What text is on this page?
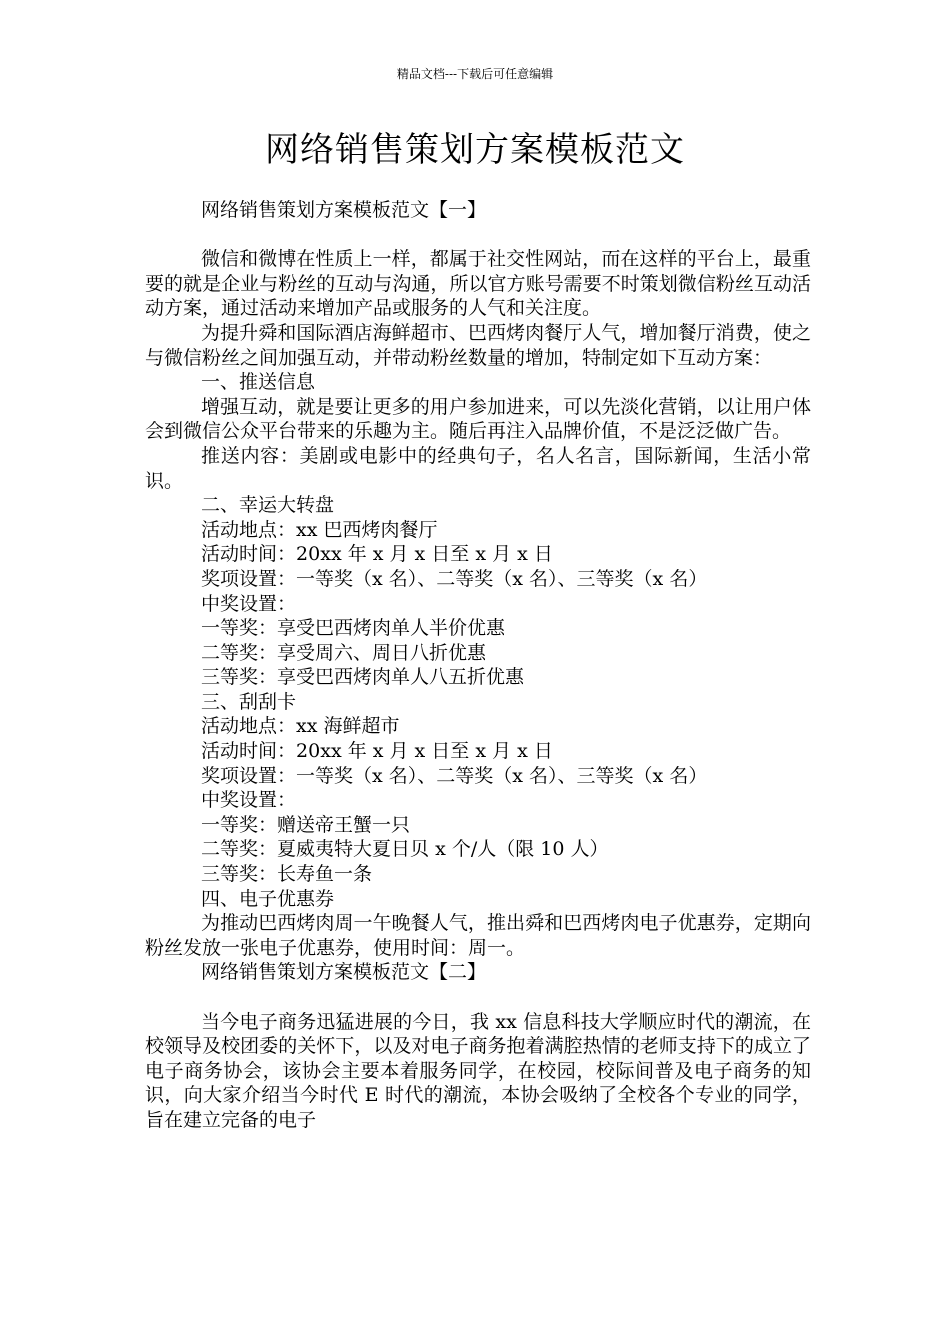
精品文档---下载后可任意编辑
网络销售策划方案模板范文

网络销售策划方案模板范文【一】

微信和微博在性质上一样，都属于社交性网站，而在这样的平台上，最重要的就是企业与粉丝的互动与沟通，所以官方账号需要不时策划微信粉丝互动活动方案，通过活动来增加产品或服务的人气和关注度。

为提升舜和国际酒店海鲜超市、巴西烤肉餐厅人气，增加餐厅消费，使之与微信粉丝之间加强互动，并带动粉丝数量的增加，特制定如下互动方案：

一、推送信息

增强互动，就是要让更多的用户参加进来，可以先淡化营销，以让用户体会到微信公众平台带来的乐趣为主。随后再注入品牌价值，不是泛泛做广告。

推送内容：美剧或电影中的经典句子，名人名言，国际新闻，生活小常识。

二、幸运大转盘

活动地点：xx 巴西烤肉餐厅

活动时间：20xx 年 x 月 x 日至 x 月 x 日

奖项设置：一等奖（x 名）、二等奖（x 名）、三等奖（x 名）

中奖设置：

一等奖：享受巴西烤肉单人半价优惠

二等奖：享受周六、周日八折优惠

三等奖：享受巴西烤肉单人八五折优惠

三、刮刮卡

活动地点：xx 海鲜超市

活动时间：20xx 年 x 月 x 日至 x 月 x 日

奖项设置：一等奖（x 名）、二等奖（x 名）、三等奖（x 名）

中奖设置：

一等奖：赠送帝王蟹一只

二等奖：夏威夷特大夏日贝 x 个/人（限 10 人）

三等奖：长寿鱼一条

四、电子优惠券

为推动巴西烤肉周一午晚餐人气，推出舜和巴西烤肉电子优惠券，定期向粉丝发放一张电子优惠券，使用时间：周一。

网络销售策划方案模板范文【二】

当今电子商务迅猛进展的今日，我 xx 信息科技大学顺应时代的潮流，在校领导及校团委的关怀下，以及对电子商务抱着满腔热情的老师支持下的成立了电子商务协会，该协会主要本着服务同学，在校园，校际间普及电子商务的知识，向大家介绍当今时代 E 时代的潮流，本协会吸纳了全校各个专业的同学，旨在建立完备的电子
